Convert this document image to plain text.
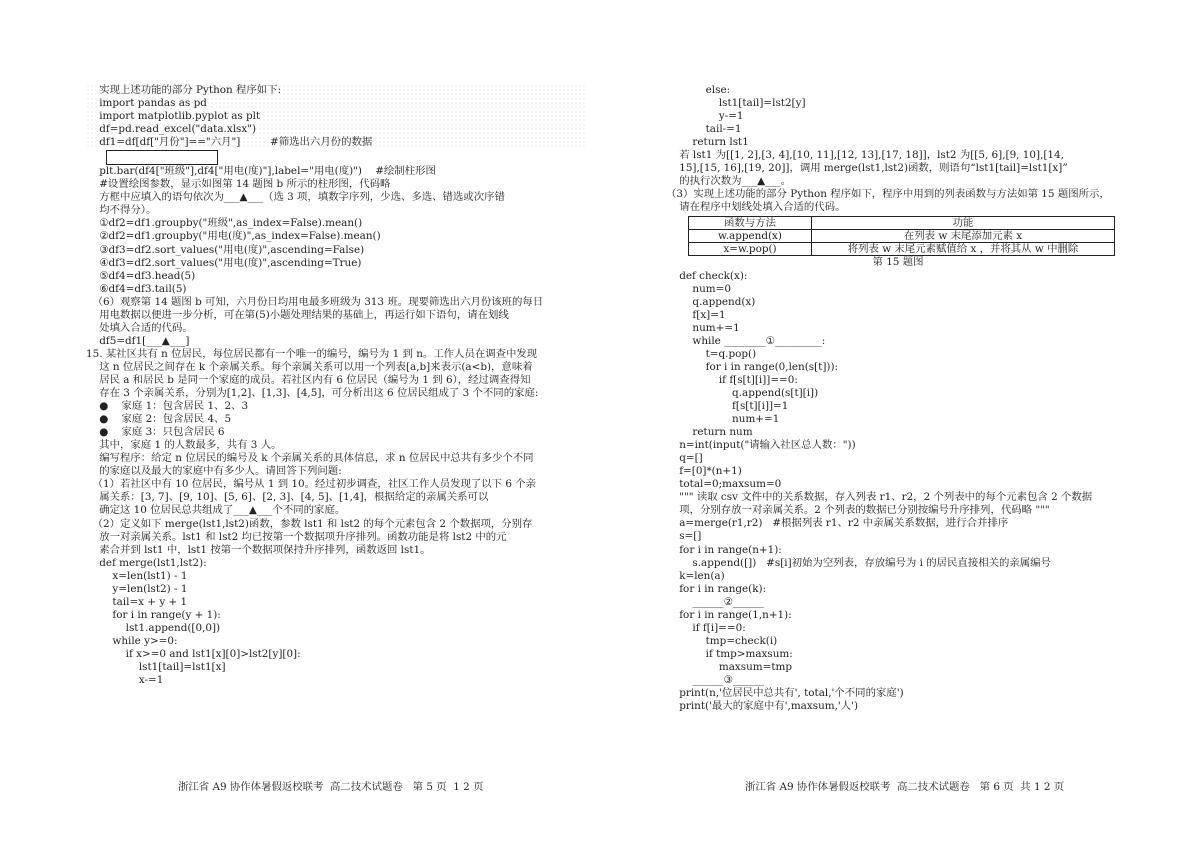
实现上述功能的部分 Python 程序如下:
import pandas as pd
import matplotlib.pyplot as plt
df=pd.read_excel("data.xlsx")
df1=df[df["月份"]=="六月"]         #筛选出六月份的数据
plt.bar(df4["班级"],df4["用电(度)"],label="用电(度)")    #绘制柱形图
#设置绘图参数，显示如图第 14 题图 b 所示的柱形图，代码略
方框中应填入的语句依次为___▲___（选 3 项，填数字序列，少选、多选、错选或次序错
均不得分）。
①df2=df1.groupby("班级",as_index=False).mean()
②df2=df1.groupby("用电(度)",as_index=False).mean()
③df3=df2.sort_values("用电(度)",ascending=False)
④df3=df2.sort_values("用电(度)",ascending=True)
⑤df4=df3.head(5)
⑥df4=df3.tail(5)
（6）观察第 14 题图 b 可知，六月份日均用电最多班级为 313 班。现要筛选出六月份该班的每日
用电数据以便进一步分析，可在第(5)小题处理结果的基础上，再运行如下语句，请在划线
处填入合适的代码。
df5=df1[___▲___]
15. 某社区共有 n 位居民，每位居民都有一个唯一的编号，编号为 1 到 n。工作人员在调查中发现
这 n 位居民之间存在 k 个亲属关系。每个亲属关系可以用一个列表[a,b]来表示(a<b)，意味着
居民 a 和居民 b 是同一个家庭的成员。若社区内有 6 位居民（编号为 1 到 6），经过调查得知
存在 3 个亲属关系，分别为[1,2]、[1,3]、[4,5]，可分析出这 6 位居民组成了 3 个不同的家庭:
●    家庭 1：包含居民 1、2、3
●    家庭 2：包含居民 4、5
●    家庭 3：只包含居民 6
其中，家庭 1 的人数最多，共有 3 人。
编写程序：给定 n 位居民的编号及 k 个亲属关系的具体信息，求 n 位居民中总共有多少个不同
的家庭以及最大的家庭中有多少人。请回答下列问题:
（1）若社区中有 10 位居民，编号从 1 到 10。经过初步调查，社区工作人员发现了以下 6 个亲
属关系：[3, 7]、[9, 10]、[5, 6]、[2, 3]、[4, 5]、[1,4]，根据给定的亲属关系可以
确定这 10 位居民总共组成了___▲___个不同的家庭。
（2）定义如下 merge(lst1,lst2)函数，参数 lst1 和 lst2 的每个元素包含 2 个数据项，分别存
放一对亲属关系。lst1 和 lst2 均已按第一个数据项升序排列。函数功能是将 lst2 中的元
素合并到 lst1 中，lst1 按第一个数据项保持升序排列，函数返回 lst1。
def merge(lst1,lst2):
x=len(lst1) - 1
y=len(lst2) - 1
tail=x + y + 1
for i in range(y + 1):
lst1.append([0,0])
while y>=0:
if x>=0 and lst1[x][0]>lst2[y][0]:
lst1[tail]=lst1[x]
x-=1
else:
lst1[tail]=lst2[y]
y-=1
tail-=1
return lst1
若 lst1 为[[1, 2],[3, 4],[10, 11],[12, 13],[17, 18]]，lst2 为[[5, 6],[9, 10],[14,
15],[15, 16],[19, 20]]，调用 merge(lst1,lst2)函数，则语句“lst1[tail]=lst1[x]”
的执行次数为___▲___。
（3）实现上述功能的部分 Python 程序如下，程序中用到的列表函数与方法如第 15 题图所示，
请在程序中划线处填入合适的代码。
函数与方法	功能
w.append(x)	在列表 w 末尾添加元素 x
x=w.pop()	将列表 w 末尾元素赋值给 x ，并将其从 w 中删除
第 15 题图
def check(x):
num=0
q.append(x)
f[x]=1
num+=1
while ________①_________:
t=q.pop()
for i in range(0,len(s[t])):
if f[s[t][i]]==0:
q.append(s[t][i])
f[s[t][i]]=1
num+=1
return num
n=int(input("请输入社区总人数："))
q=[]
f=[0]*(n+1)
total=0;maxsum=0
""" 读取 csv 文件中的关系数据，存入列表 r1、r2，2 个列表中的每个元素包含 2 个数据
项，分别存放一对亲属关系。2 个列表的数据已分别按编号升序排列，代码略 """
a=merge(r1,r2)   #根据列表 r1、r2 中亲属关系数据，进行合并排序
s=[]
for i in range(n+1):
s.append([])   #s[i]初始为空列表，存放编号为 i 的居民直接相关的亲属编号
k=len(a)
for i in range(k):
______②______
for i in range(1,n+1):
if f[i]==0:
tmp=check(i)
if tmp>maxsum:
maxsum=tmp
______③______
print(n,'位居民中总共有', total,'个不同的家庭')
print('最大的家庭中有',maxsum,'人')
浙江省 A9 协作体暑假返校联考  高二技术试题卷   第 5 页  1 2 页	浙江省 A9 协作体暑假返校联考  高二技术试题卷   第 6 页  共 1 2 页
